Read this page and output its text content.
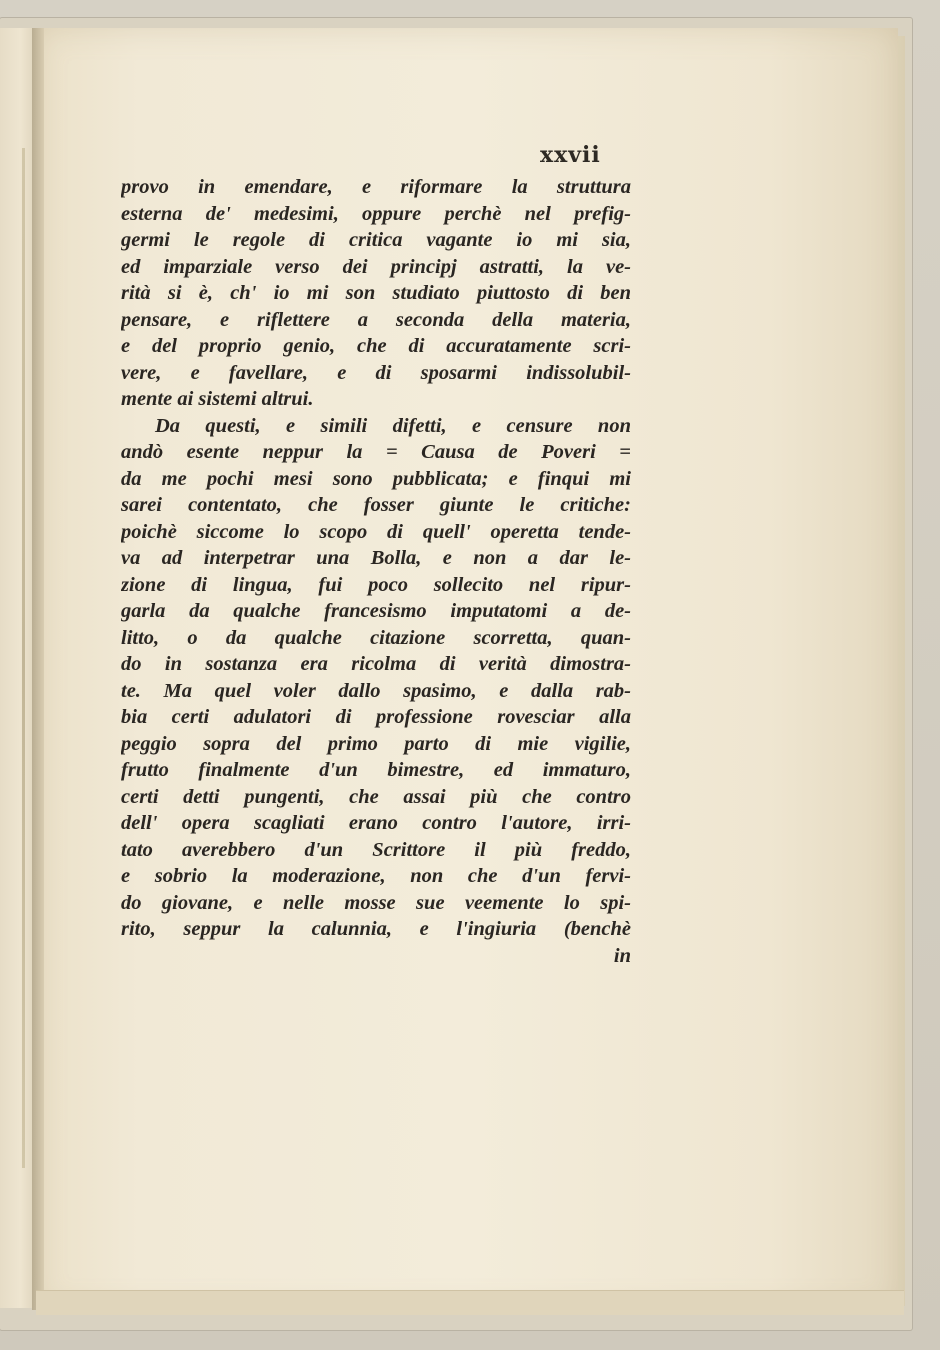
xxvii
provo in emendare, e riformare la struttura
esterna de' medesimi, oppure perchè nel prefig-
germi le regole di critica vagante io mi sia,
ed imparziale verso dei principj astratti, la ve-
rità si è, ch' io mi son studiato piuttosto di ben
pensare, e riflettere a seconda della materia,
e del proprio genio, che di accuratamente scri-
vere, e favellare, e di sposarmi indissolubil-
mente ai sistemi altrui.
Da questi, e simili difetti, e censure non
andò esente neppur la = Causa de Poveri =
da me pochi mesi sono pubblicata; e finqui mi
sarei contentato, che fosser giunte le critiche:
poichè siccome lo scopo di quell' operetta tende-
va ad interpetrar una Bolla, e non a dar le-
zione di lingua, fui poco sollecito nel ripur-
garla da qualche francesismo imputatomi a de-
litto, o da qualche citazione scorretta, quan-
do in sostanza era ricolma di verità dimostra-
te. Ma quel voler dallo spasimo, e dalla rab-
bia certi adulatori di professione rovesciar alla
peggio sopra del primo parto di mie vigilie,
frutto finalmente d'un bimestre, ed immaturo,
certi detti pungenti, che assai più che contro
dell' opera scagliati erano contro l'autore, irri-
tato averebbero d'un Scrittore il più freddo,
e sobrio la moderazione, non che d'un fervi-
do giovane, e nelle mosse sue veemente lo spi-
rito, seppur la calunnia, e l'ingiuria (benchè
in
